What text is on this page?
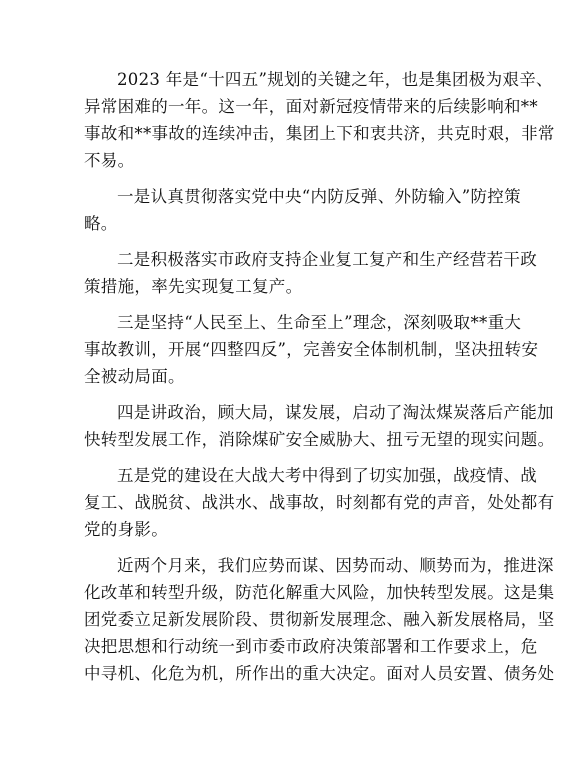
2023 年是“十四五”规划的关键之年，也是集团极为艰辛、
异常困难的一年。这一年，面对新冠疫情带来的后续影响和**
事故和**事故的连续冲击，集团上下和衷共济，共克时艰，非常
不易。

一是认真贯彻落实党中央“内防反弹、外防输入”防控策
略。

二是积极落实市政府支持企业复工复产和生产经营若干政
策措施，率先实现复工复产。

三是坚持“人民至上、生命至上”理念，深刻吸取**重大
事故教训，开展“四整四反”，完善安全体制机制，坚决扭转安
全被动局面。

四是讲政治，顾大局，谋发展，启动了淘汰煤炭落后产能加
快转型发展工作，消除煤矿安全威胁大、扭亏无望的现实问题。

五是党的建设在大战大考中得到了切实加强，战疫情、战
复工、战脱贫、战洪水、战事故，时刻都有党的声音，处处都有
党的身影。

近两个月来，我们应势而谋、因势而动、顺势而为，推进深
化改革和转型升级，防范化解重大风险，加快转型发展。这是集
团党委立足新发展阶段、贯彻新发展理念、融入新发展格局，坚
决把思想和行动统一到市委市政府决策部署和工作要求上，危
中寻机、化危为机，所作出的重大决定。面对人员安置、债务处
